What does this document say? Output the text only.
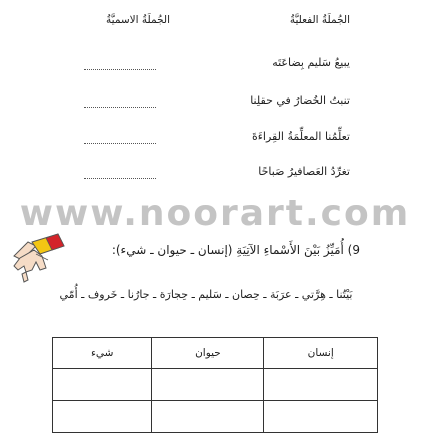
الجُملَةُ الفعليَّةُ
الجُملَةُ الاسميَّةُ
يبيعُ سَليم بِضاعَتَه
تنبتُ الخُضارُ في حقلِنا
تعلِّمُنا المعلِّمَةُ القِراءَةَ
تغرِّدُ العَصافيرُ صَباحًا
www.noorart.com
9) أُمَيِّزُ بَيْنَ الأَسْماءِ الآتِيَةِ (إنسان ـ حيوان ـ شيء):
بَيْتُنا ـ هِرَّتي ـ عرَبَة ـ حِصان ـ سَليم ـ حِجارَة ـ جارُنا ـ خَروف ـ أُمّي
إنسان	حيوان	شيء
